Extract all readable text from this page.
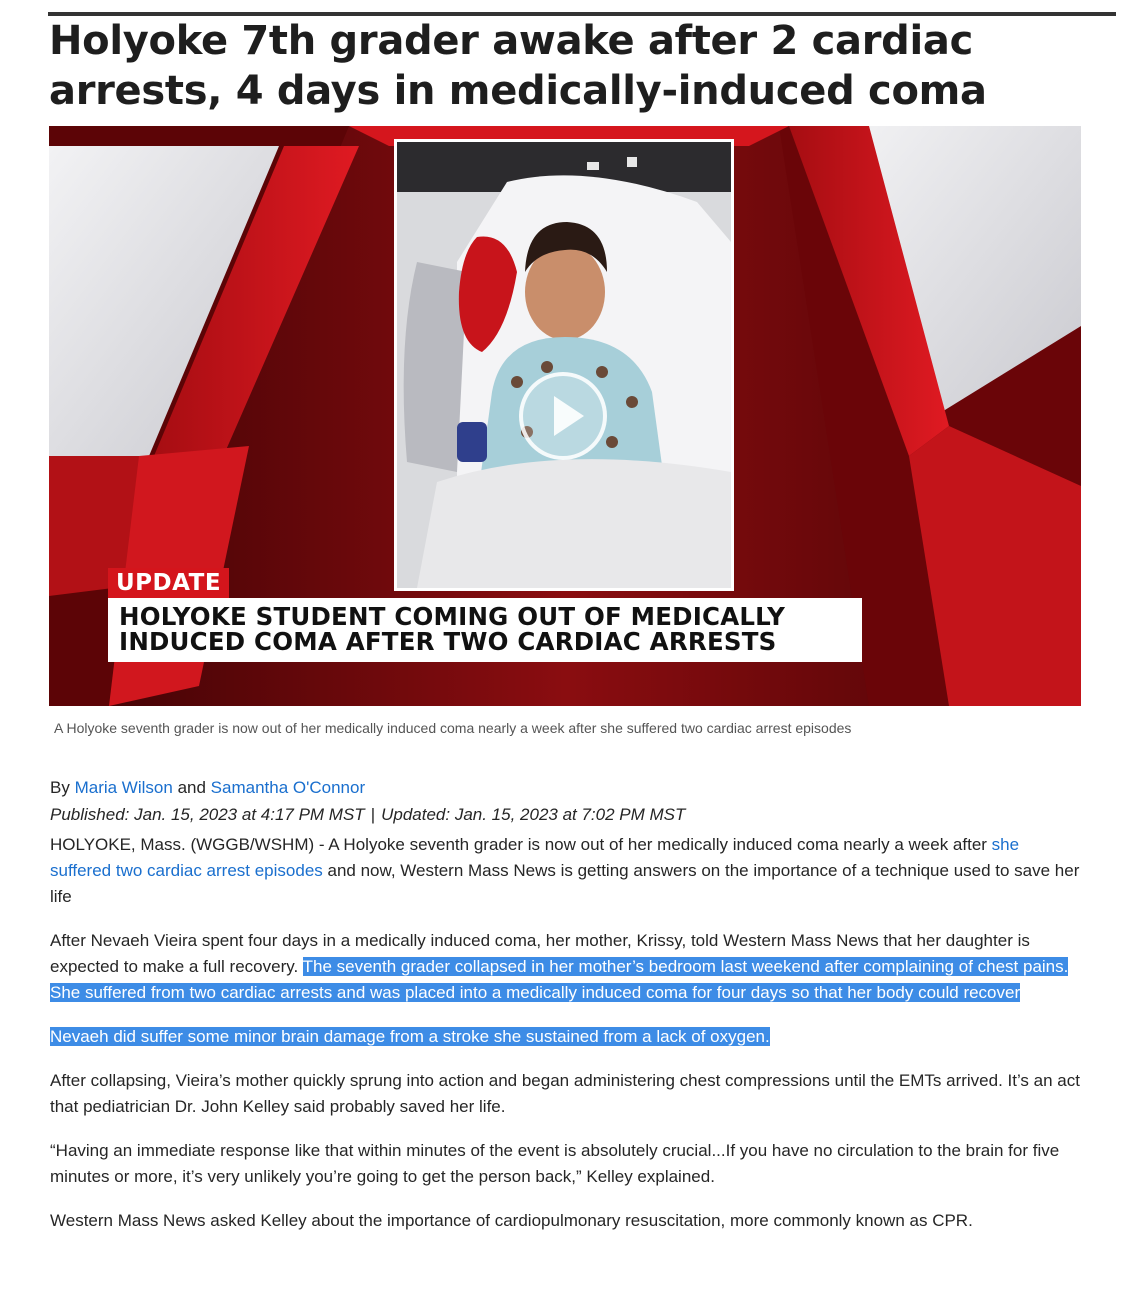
Holyoke 7th grader awake after 2 cardiac arrests, 4 days in medically-induced coma
UPDATE
HOLYOKE STUDENT COMING OUT OF MEDICALLY
INDUCED COMA AFTER TWO CARDIAC ARRESTS
A Holyoke seventh grader is now out of her medically induced coma nearly a week after she suffered two cardiac arrest episodes
By Maria Wilson and Samantha O'Connor
Published: Jan. 15, 2023 at 4:17 PM MST | Updated: Jan. 15, 2023 at 7:02 PM MST

HOLYOKE, Mass. (WGGB/WSHM) - A Holyoke seventh grader is now out of her medically induced coma nearly a week after she suffered two cardiac arrest episodes and now, Western Mass News is getting answers on the importance of a technique used to save her life

After Nevaeh Vieira spent four days in a medically induced coma, her mother, Krissy, told Western Mass News that her daughter is expected to make a full recovery. The seventh grader collapsed in her mother’s bedroom last weekend after complaining of chest pains. She suffered from two cardiac arrests and was placed into a medically induced coma for four days so that her body could recover

Nevaeh did suffer some minor brain damage from a stroke she sustained from a lack of oxygen.

After collapsing, Vieira’s mother quickly sprung into action and began administering chest compressions until the EMTs arrived. It’s an act that pediatrician Dr. John Kelley said probably saved her life.

“Having an immediate response like that within minutes of the event is absolutely crucial...If you have no circulation to the brain for five minutes or more, it’s very unlikely you’re going to get the person back,” Kelley explained.

Western Mass News asked Kelley about the importance of cardiopulmonary resuscitation, more commonly known as CPR.
